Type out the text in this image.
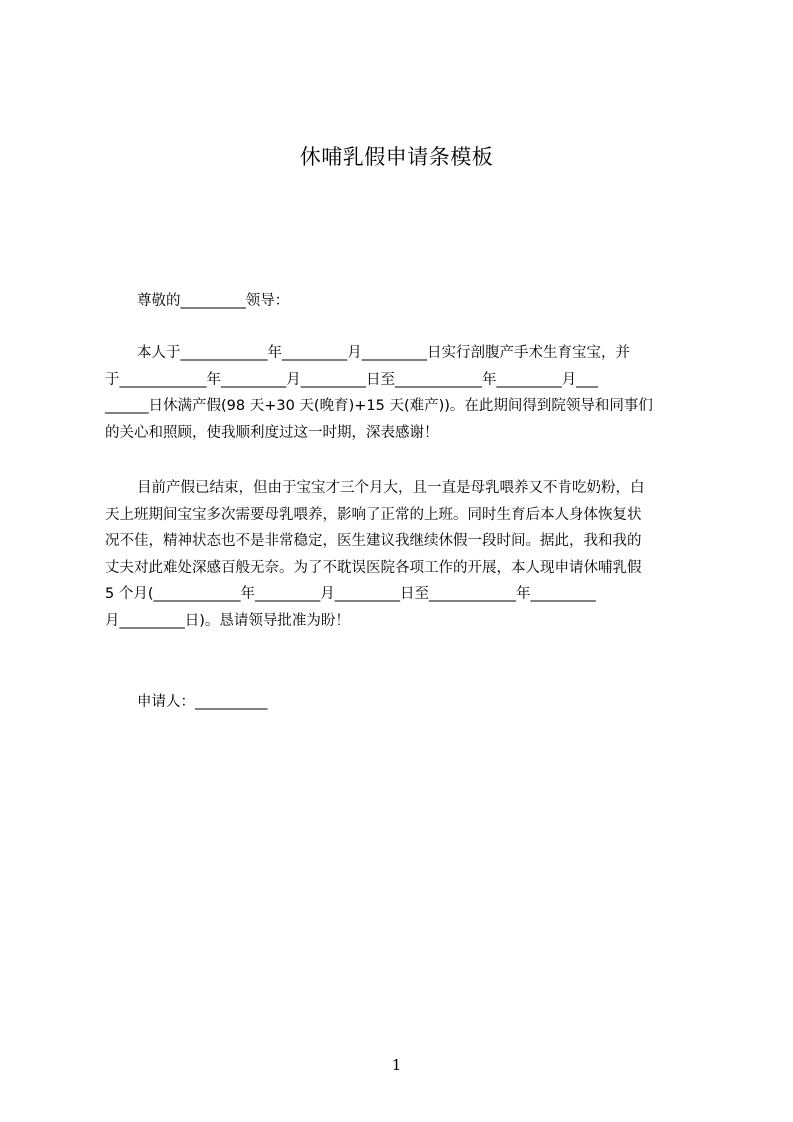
休哺乳假申请条模板
尊敬的_________领导：
本人于____________年_________月_________日实行剖腹产手术生育宝宝，并
于____________年_________月_________日至____________年_________月___
______日休满产假(98 天+30 天(晚育)+15 天(难产))。在此期间得到院领导和同事们
的关心和照顾，使我顺利度过这一时期，深表感谢！
目前产假已结束，但由于宝宝才三个月大，且一直是母乳喂养又不肯吃奶粉，白
天上班期间宝宝多次需要母乳喂养，影响了正常的上班。同时生育后本人身体恢复状
况不佳，精神状态也不是非常稳定，医生建议我继续休假一段时间。据此，我和我的
丈夫对此难处深感百般无奈。为了不耽误医院各项工作的开展，本人现申请休哺乳假
5 个月(____________年_________月_________日至____________年_________
月_________日)。恳请领导批准为盼！
申请人：__________
1
